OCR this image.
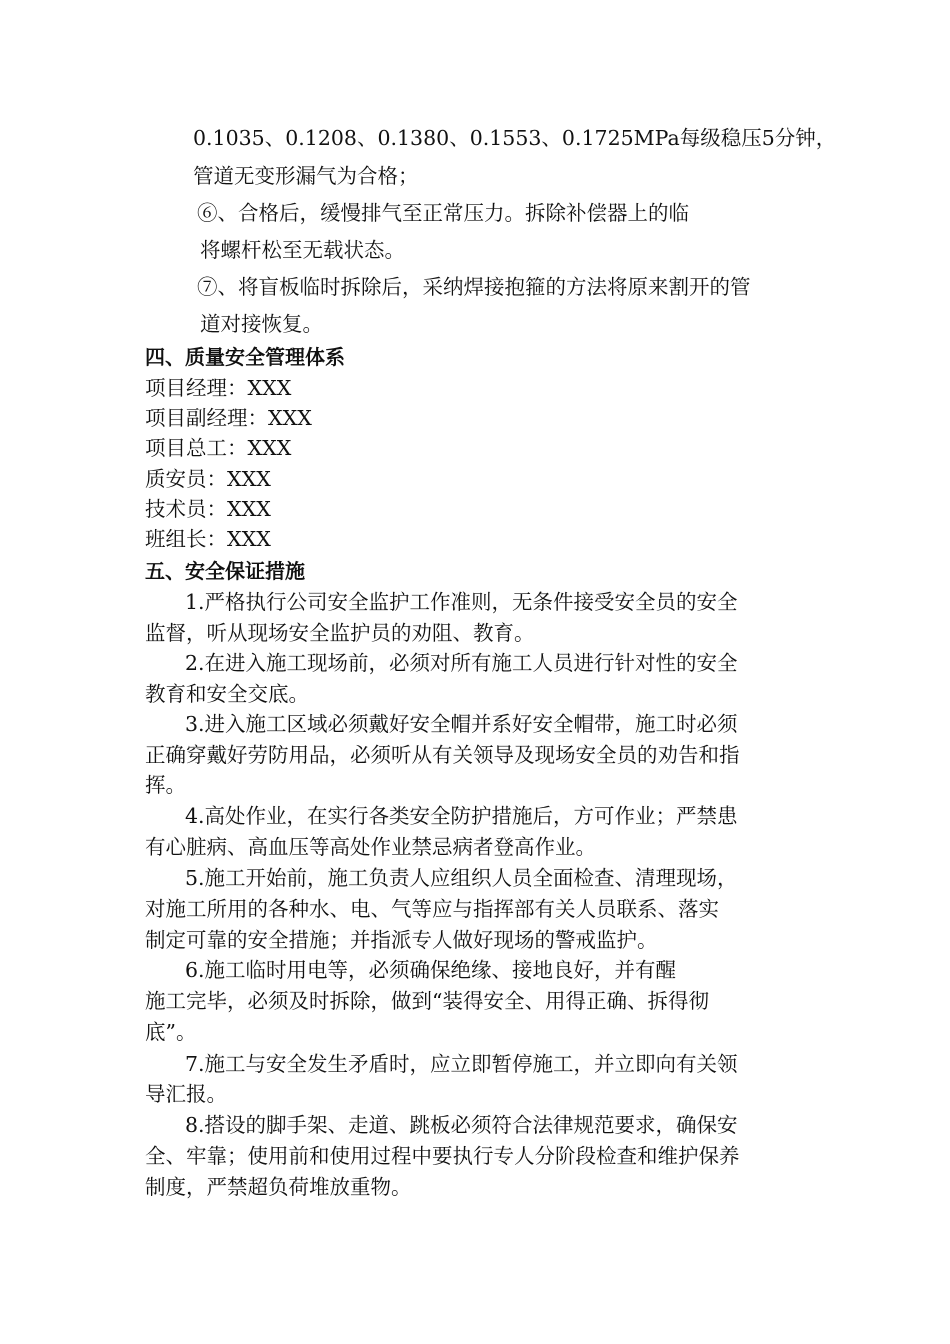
0.1035、0.1208、0.1380、0.1553、0.1725MPa每级稳压5分钟，
管道无变形漏气为合格；
⑥、合格后，缓慢排气至正常压力。拆除补偿器上的临
将螺杆松至无载状态。
⑦、将盲板临时拆除后，采纳焊接抱箍的方法将原来割开的管
道对接恢复。
四、质量安全管理体系
项目经理：XXX
项目副经理：XXX
项目总工：XXX
质安员：XXX
技术员：XXX
班组长：XXX
五、安全保证措施
1.严格执行公司安全监护工作准则，无条件接受安全员的安全
监督，听从现场安全监护员的劝阻、教育。
2.在进入施工现场前，必须对所有施工人员进行针对性的安全
教育和安全交底。
3.进入施工区域必须戴好安全帽并系好安全帽带，施工时必须
正确穿戴好劳防用品，必须听从有关领导及现场安全员的劝告和指
挥。
4.高处作业，在实行各类安全防护措施后，方可作业；严禁患
有心脏病、高血压等高处作业禁忌病者登高作业。
5.施工开始前，施工负责人应组织人员全面检查、清理现场，
对施工所用的各种水、电、气等应与指挥部有关人员联系、落实
制定可靠的安全措施；并指派专人做好现场的警戒监护。
6.施工临时用电等，必须确保绝缘、接地良好，并有醒
施工完毕，必须及时拆除，做到“装得安全、用得正确、拆得彻
底”。
7.施工与安全发生矛盾时，应立即暂停施工，并立即向有关领
导汇报。
8.搭设的脚手架、走道、跳板必须符合法律规范要求，确保安
全、牢靠；使用前和使用过程中要执行专人分阶段检查和维护保养
制度，严禁超负荷堆放重物。
